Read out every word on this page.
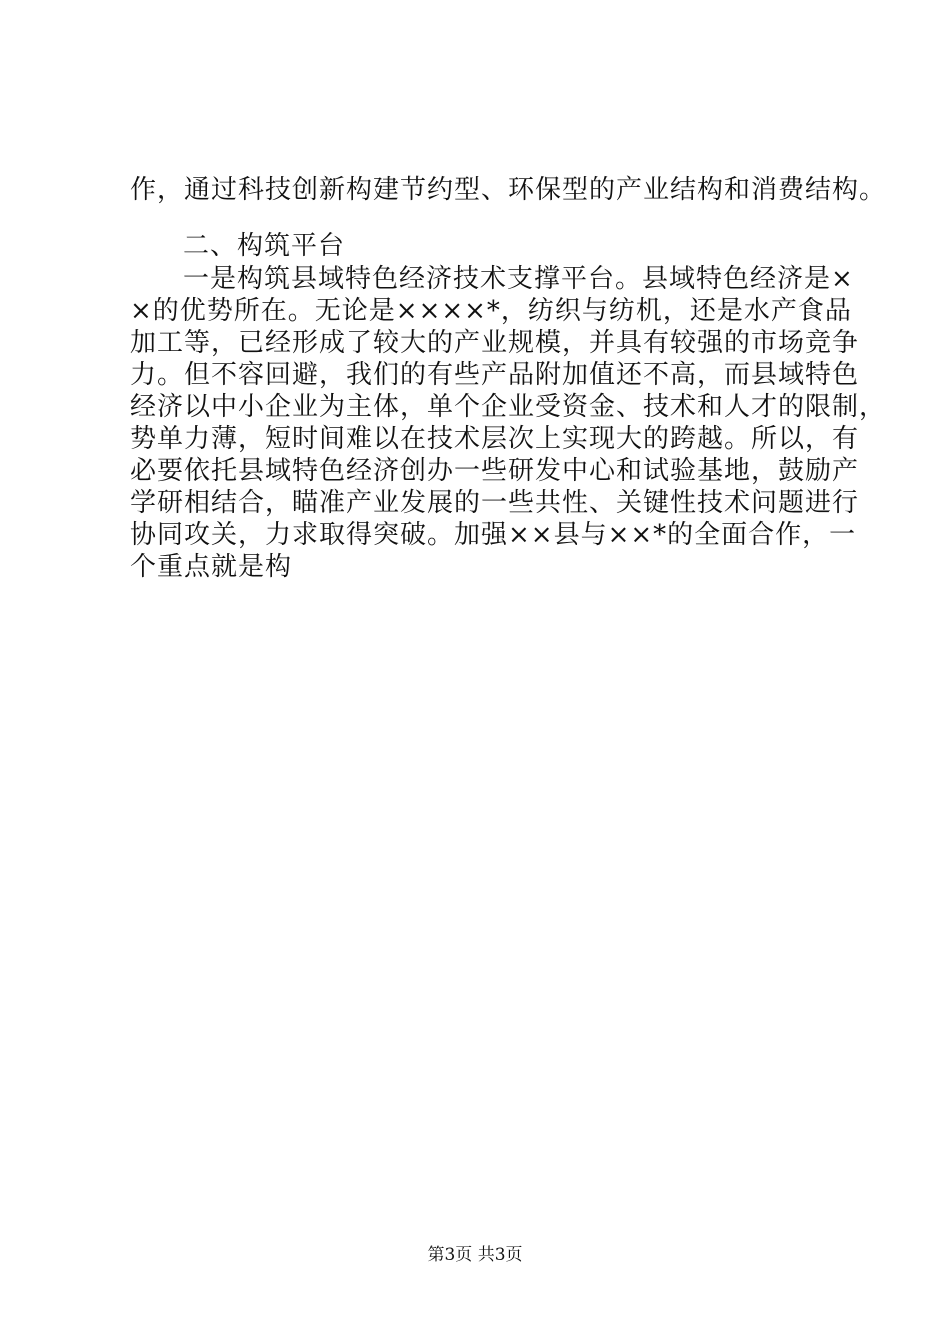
作，通过科技创新构建节约型、环保型的产业结构和消费结构。
二、构筑平台
一是构筑县域特色经济技术支撑平台。县域特色经济是×
×的优势所在。无论是××××*，纺织与纺机，还是水产食品
加工等，已经形成了较大的产业规模，并具有较强的市场竞争
力。但不容回避，我们的有些产品附加值还不高，而县域特色
经济以中小企业为主体，单个企业受资金、技术和人才的限制，
势单力薄，短时间难以在技术层次上实现大的跨越。所以，有
必要依托县域特色经济创办一些研发中心和试验基地，鼓励产
学研相结合，瞄准产业发展的一些共性、关键性技术问题进行
协同攻关，力求取得突破。加强××县与××*的全面合作，一
个重点就是构
第3页 共3页
